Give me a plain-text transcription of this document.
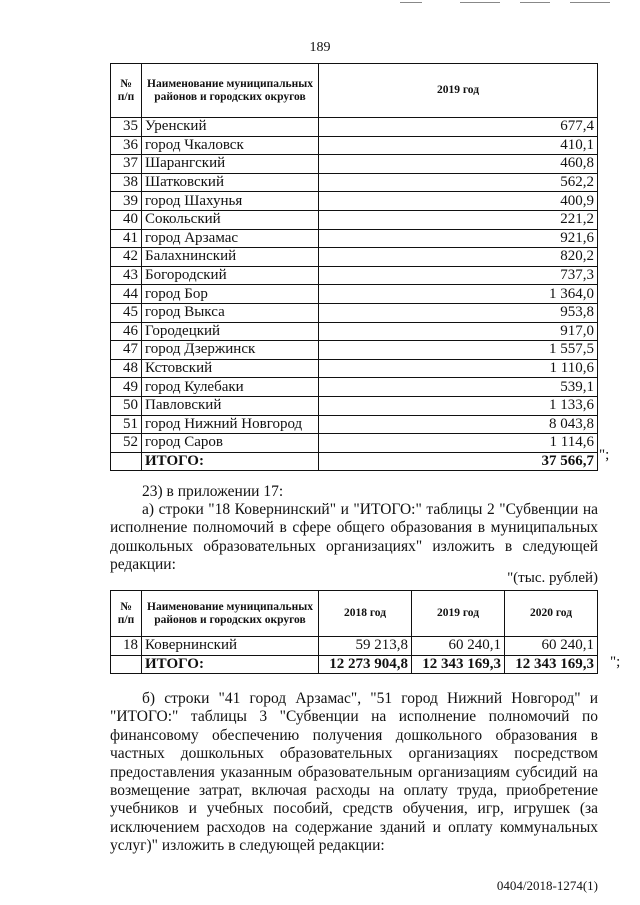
189
№ п/п	Наименование муниципальных районов и городских округов	2019 год
35	Уренский	677,4
36	город Чкаловск	410,1
37	Шарангский	460,8
38	Шатковский	562,2
39	город Шахунья	400,9
40	Сокольский	221,2
41	город Арзамас	921,6
42	Балахнинский	820,2
43	Богородский	737,3
44	город Бор	1 364,0
45	город Выкса	953,8
46	Городецкий	917,0
47	город Дзержинск	1 557,5
48	Кстовский	1 110,6
49	город Кулебаки	539,1
50	Павловский	1 133,6
51	город Нижний Новгород	8 043,8
52	город Саров	1 114,6
	ИТОГО:	37 566,7 ";
23) в приложении 17:
а) строки "18 Ковернинский" и "ИТОГО:" таблицы 2 "Субвенции на исполнение полномочий в сфере общего образования в муниципальных дошкольных образовательных организациях" изложить в следующей редакции:
"(тыс. рублей)
№ п/п	Наименование муниципальных районов и городских округов	2018 год	2019 год	2020 год
18	Ковернинский	59 213,8	60 240,1	60 240,1
	ИТОГО:	12 273 904,8	12 343 169,3	12 343 169,3 ";
б) строки "41 город Арзамас", "51 город Нижний Новгород" и "ИТОГО:" таблицы 3 "Субвенции на исполнение полномочий по финансовому обеспечению получения дошкольного образования в частных дошкольных образовательных организациях посредством предоставления указанным образовательным организациям субсидий на возмещение затрат, включая расходы на оплату труда, приобретение учебников и учебных пособий, средств обучения, игр, игрушек (за исключением расходов на содержание зданий и оплату коммунальных услуг)" изложить в следующей редакции:
0404/2018-1274(1)
